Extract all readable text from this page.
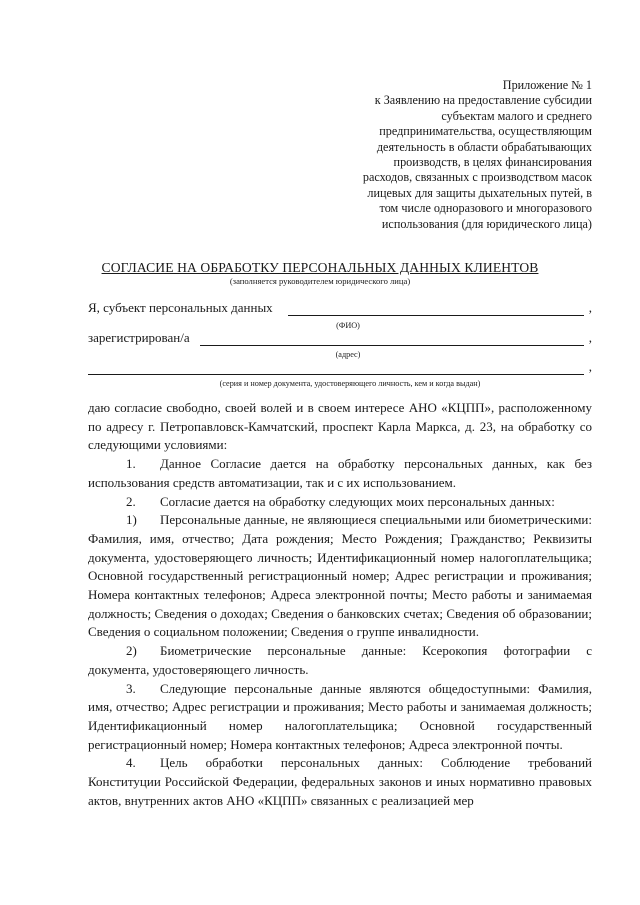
Приложение № 1
к Заявлению на предоставление субсидии
субъектам малого и среднего
предпринимательства, осуществляющим
деятельность в области обрабатывающих
производств, в целях финансирования
расходов, связанных с производством масок
лицевых для защиты дыхательных путей, в
том числе одноразового и многоразового
использования (для юридического лица)
СОГЛАСИЕ НА ОБРАБОТКУ ПЕРСОНАЛЬНЫХ ДАННЫХ КЛИЕНТОВ
(заполняется руководителем юридического лица)
Я, субъект персональных данных	,
(ФИО)
зарегистрирован/а	,
(адрес)
,
(серия и номер документа, удостоверяющего личность, кем и когда выдан)

даю согласие свободно, своей волей и в своем интересе АНО «КЦПП», расположенному по адресу г. Петропавловск-Камчатский, проспект Карла Маркса, д. 23, на обработку со следующими условиями:

1. Данное Согласие дается на обработку персональных данных, как без использования средств автоматизации, так и с их использованием.

2. Согласие дается на обработку следующих моих персональных данных:

1) Персональные данные, не являющиеся специальными или биометрическими: Фамилия, имя, отчество; Дата рождения; Место Рождения; Гражданство; Реквизиты документа, удостоверяющего личность; Идентификационный номер налогоплательщика; Основной государственный регистрационный номер; Адрес регистрации и проживания; Номера контактных телефонов; Адреса электронной почты; Место работы и занимаемая должность; Сведения о доходах; Сведения о банковских счетах; Сведения об образовании; Сведения о социальном положении; Сведения о группе инвалидности.

2) Биометрические персональные данные: Ксерокопия фотографии с документа, удостоверяющего личность.

3. Следующие персональные данные являются общедоступными: Фамилия, имя, отчество; Адрес регистрации и проживания; Место работы и занимаемая должность; Идентификационный номер налогоплательщика; Основной государственный регистрационный номер; Номера контактных телефонов; Адреса электронной почты.

4. Цель обработки персональных данных: Соблюдение требований Конституции Российской Федерации, федеральных законов и иных нормативно правовых актов, внутренних актов АНО «КЦПП» связанных с реализацией мер
